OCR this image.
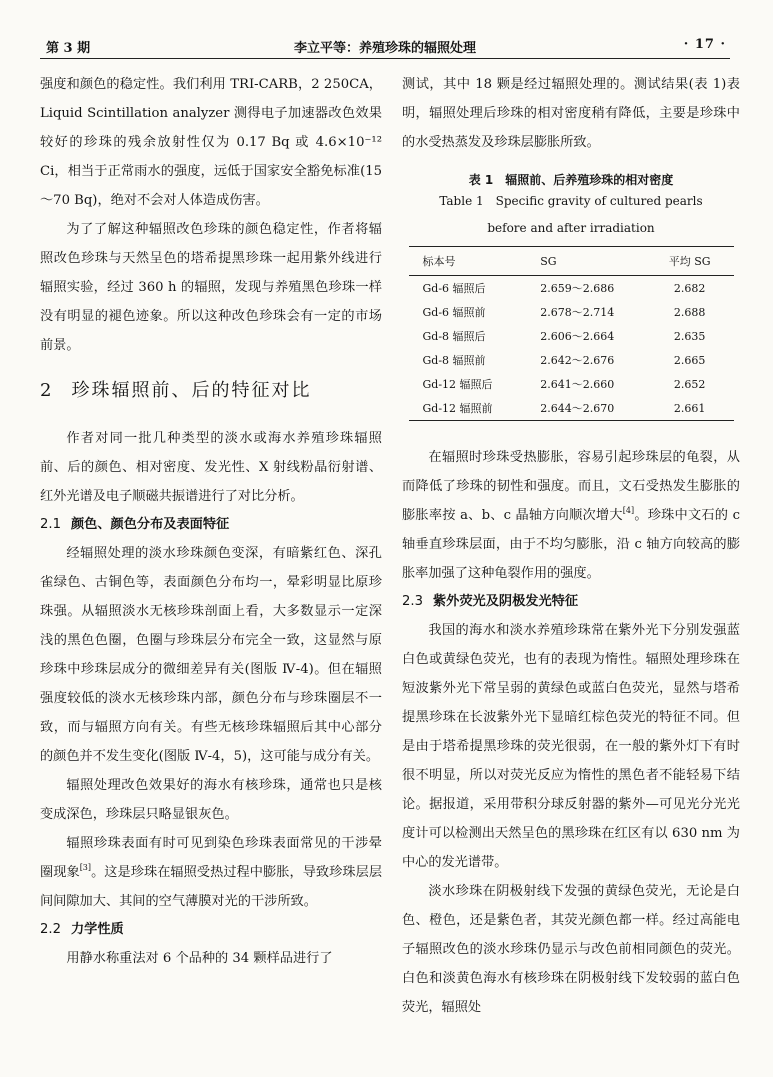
第 3 期	李立平等：养殖珍珠的辐照处理	· 17 ·

强度和颜色的稳定性。我们利用 TRI-CARB，2 250CA，Liquid Scintillation analyzer 测得电子加速器改色效果较好的珍珠的残余放射性仅为 0.17 Bq 或 4.6×10⁻¹² Ci，相当于正常雨水的强度，远低于国家安全豁免标准(15～70 Bq)，绝对不会对人体造成伤害。

为了了解这种辐照改色珍珠的颜色稳定性，作者将辐照改色珍珠与天然呈色的塔希提黑珍珠一起用紫外线进行辐照实验，经过 360 h 的辐照，发现与养殖黑色珍珠一样没有明显的褪色迹象。所以这种改色珍珠会有一定的市场前景。

2 珍珠辐照前、后的特征对比

作者对同一批几种类型的淡水或海水养殖珍珠辐照前、后的颜色、相对密度、发光性、X 射线粉晶衍射谱、红外光谱及电子顺磁共振谱进行了对比分析。

2.1 颜色、颜色分布及表面特征

经辐照处理的淡水珍珠颜色变深，有暗紫红色、深孔雀绿色、古铜色等，表面颜色分布均一，晕彩明显比原珍珠强。从辐照淡水无核珍珠剖面上看，大多数显示一定深浅的黑色色圈，色圈与珍珠层分布完全一致，这显然与原珍珠中珍珠层成分的微细差异有关(图版 Ⅳ-4)。但在辐照强度较低的淡水无核珍珠内部，颜色分布与珍珠圈层不一致，而与辐照方向有关。有些无核珍珠辐照后其中心部分的颜色并不发生变化(图版 Ⅳ-4，5)，这可能与成分有关。

辐照处理改色效果好的海水有核珍珠，通常也只是核变成深色，珍珠层只略显银灰色。

辐照珍珠表面有时可见到染色珍珠表面常见的干涉晕圈现象[3]。这是珍珠在辐照受热过程中膨胀，导致珍珠层层间间隙加大、其间的空气薄膜对光的干涉所致。

2.2 力学性质

用静水称重法对 6 个品种的 34 颗样品进行了

测试，其中 18 颗是经过辐照处理的。测试结果(表 1)表明，辐照处理后珍珠的相对密度稍有降低，主要是珍珠中的水受热蒸发及珍珠层膨胀所致。

表 1　辐照前、后养殖珍珠的相对密度
Table 1　Specific gravity of cultured pearls
before and after irradiation
标本号	SG	平均 SG
Gd-6 辐照后	2.659～2.686	2.682
Gd-6 辐照前	2.678～2.714	2.688
Gd-8 辐照后	2.606～2.664	2.635
Gd-8 辐照前	2.642～2.676	2.665
Gd-12 辐照后	2.641～2.660	2.652
Gd-12 辐照前	2.644～2.670	2.661

在辐照时珍珠受热膨胀，容易引起珍珠层的龟裂，从而降低了珍珠的韧性和强度。而且，文石受热发生膨胀的膨胀率按 a、b、c 晶轴方向顺次增大[4]。珍珠中文石的 c 轴垂直珍珠层面，由于不均匀膨胀，沿 c 轴方向较高的膨胀率加强了这种龟裂作用的强度。

2.3 紫外荧光及阴极发光特征

我国的海水和淡水养殖珍珠常在紫外光下分别发强蓝白色或黄绿色荧光，也有的表现为惰性。辐照处理珍珠在短波紫外光下常呈弱的黄绿色或蓝白色荧光，显然与塔希提黑珍珠在长波紫外光下显暗红棕色荧光的特征不同。但是由于塔希提黑珍珠的荧光很弱，在一般的紫外灯下有时很不明显，所以对荧光反应为惰性的黑色者不能轻易下结论。据报道，采用带积分球反射器的紫外—可见光分光光度计可以检测出天然呈色的黑珍珠在红区有以 630 nm 为中心的发光谱带。

淡水珍珠在阴极射线下发强的黄绿色荧光，无论是白色、橙色，还是紫色者，其荧光颜色都一样。经过高能电子辐照改色的淡水珍珠仍显示与改色前相同颜色的荧光。白色和淡黄色海水有核珍珠在阴极射线下发较弱的蓝白色荧光，辐照处
